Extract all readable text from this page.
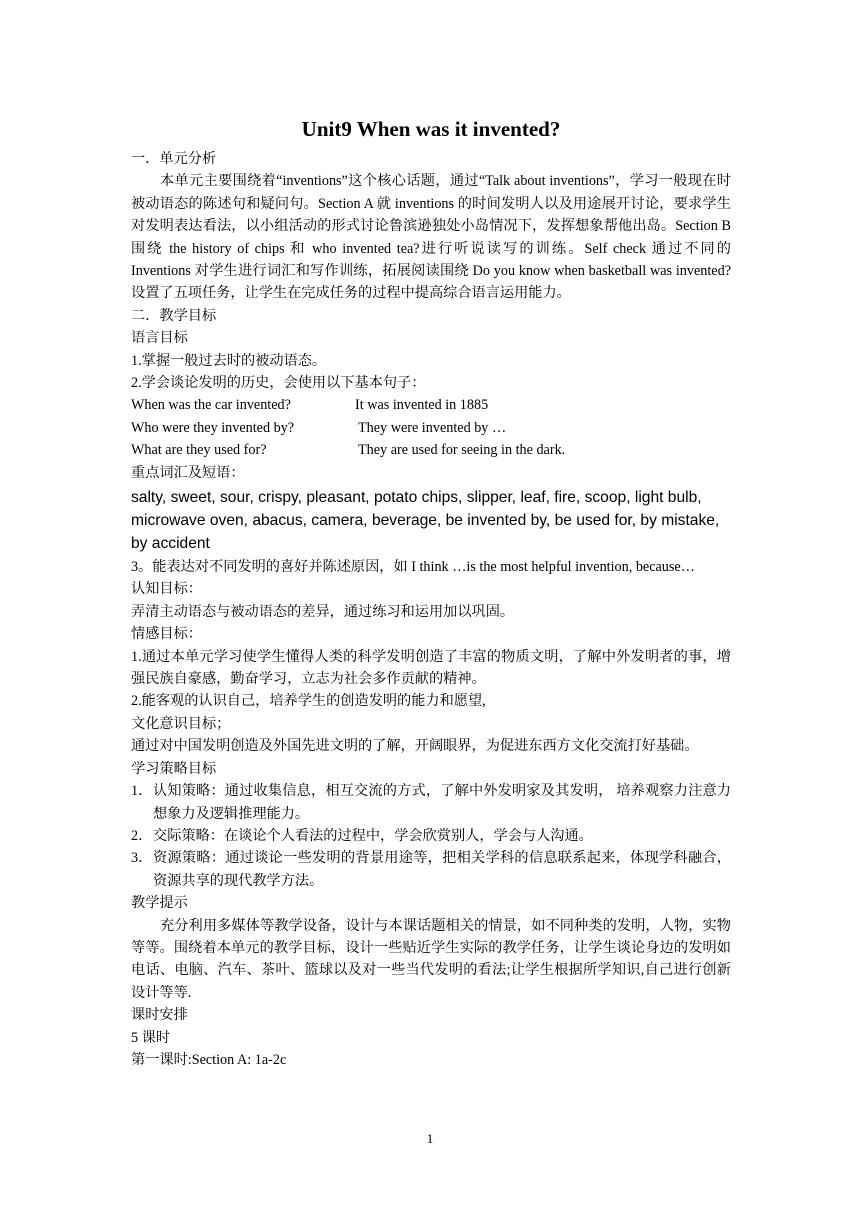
Unit9 When was it invented?

一．单元分析

本单元主要围绕着“inventions”这个核心话题，通过“Talk about inventions”，学习一般现在时被动语态的陈述句和疑问句。Section A 就 inventions 的时间发明人以及用途展开讨论，要求学生对发明表达看法，以小组活动的形式讨论鲁滨逊独处小岛情况下，发挥想象帮他出岛。Section B 围绕 the history of chips 和 who invented tea?进行听说读写的训练。Self check 通过不同的 Inventions 对学生进行词汇和写作训练，拓展阅读围绕 Do you know when basketball was invented?设置了五项任务，让学生在完成任务的过程中提高综合语言运用能力。

二．教学目标

语言目标

1.掌握一般过去时的被动语态。

2.学会谈论发明的历史，会使用以下基本句子：

When was the car invented?	It was invented in 1885
Who were they invented by?	They were invented by …
What are they used for?	They are used for seeing in the dark.

重点词汇及短语：

salty, sweet, sour, crispy, pleasant, potato chips, slipper, leaf, fire, scoop, light bulb, microwave oven, abacus, camera, beverage, be invented by, be used for, by mistake, by accident

3。能表达对不同发明的喜好并陈述原因，如 I think …is the most helpful invention, because…

认知目标：

弄清主动语态与被动语态的差异，通过练习和运用加以巩固。

情感目标：

1.通过本单元学习使学生懂得人类的科学发明创造了丰富的物质文明，了解中外发明者的事，增强民族自豪感，勤奋学习，立志为社会多作贡献的精神。

2.能客观的认识自己，培养学生的创造发明的能力和愿望,

文化意识目标；

通过对中国发明创造及外国先进文明的了解，开阔眼界，为促进东西方文化交流打好基础。

学习策略目标

1． 认知策略：通过收集信息，相互交流的方式，了解中外发明家及其发明， 培养观察力注意力想象力及逻辑推理能力。
2． 交际策略：在谈论个人看法的过程中，学会欣赏别人，学会与人沟通。
3． 资源策略：通过谈论一些发明的背景用途等，把相关学科的信息联系起来，体现学科融合，资源共享的现代教学方法。

教学提示

充分利用多媒体等教学设备，设计与本课话题相关的情景，如不同种类的发明，人物，实物等等。围绕着本单元的教学目标，设计一些贴近学生实际的教学任务，让学生谈论身边的发明如电话、电脑、汽车、茶叶、篮球以及对一些当代发明的看法;让学生根据所学知识,自己进行创新设计等等.

课时安排

5 课时

第一课时:Section A: 1a-2c

1
